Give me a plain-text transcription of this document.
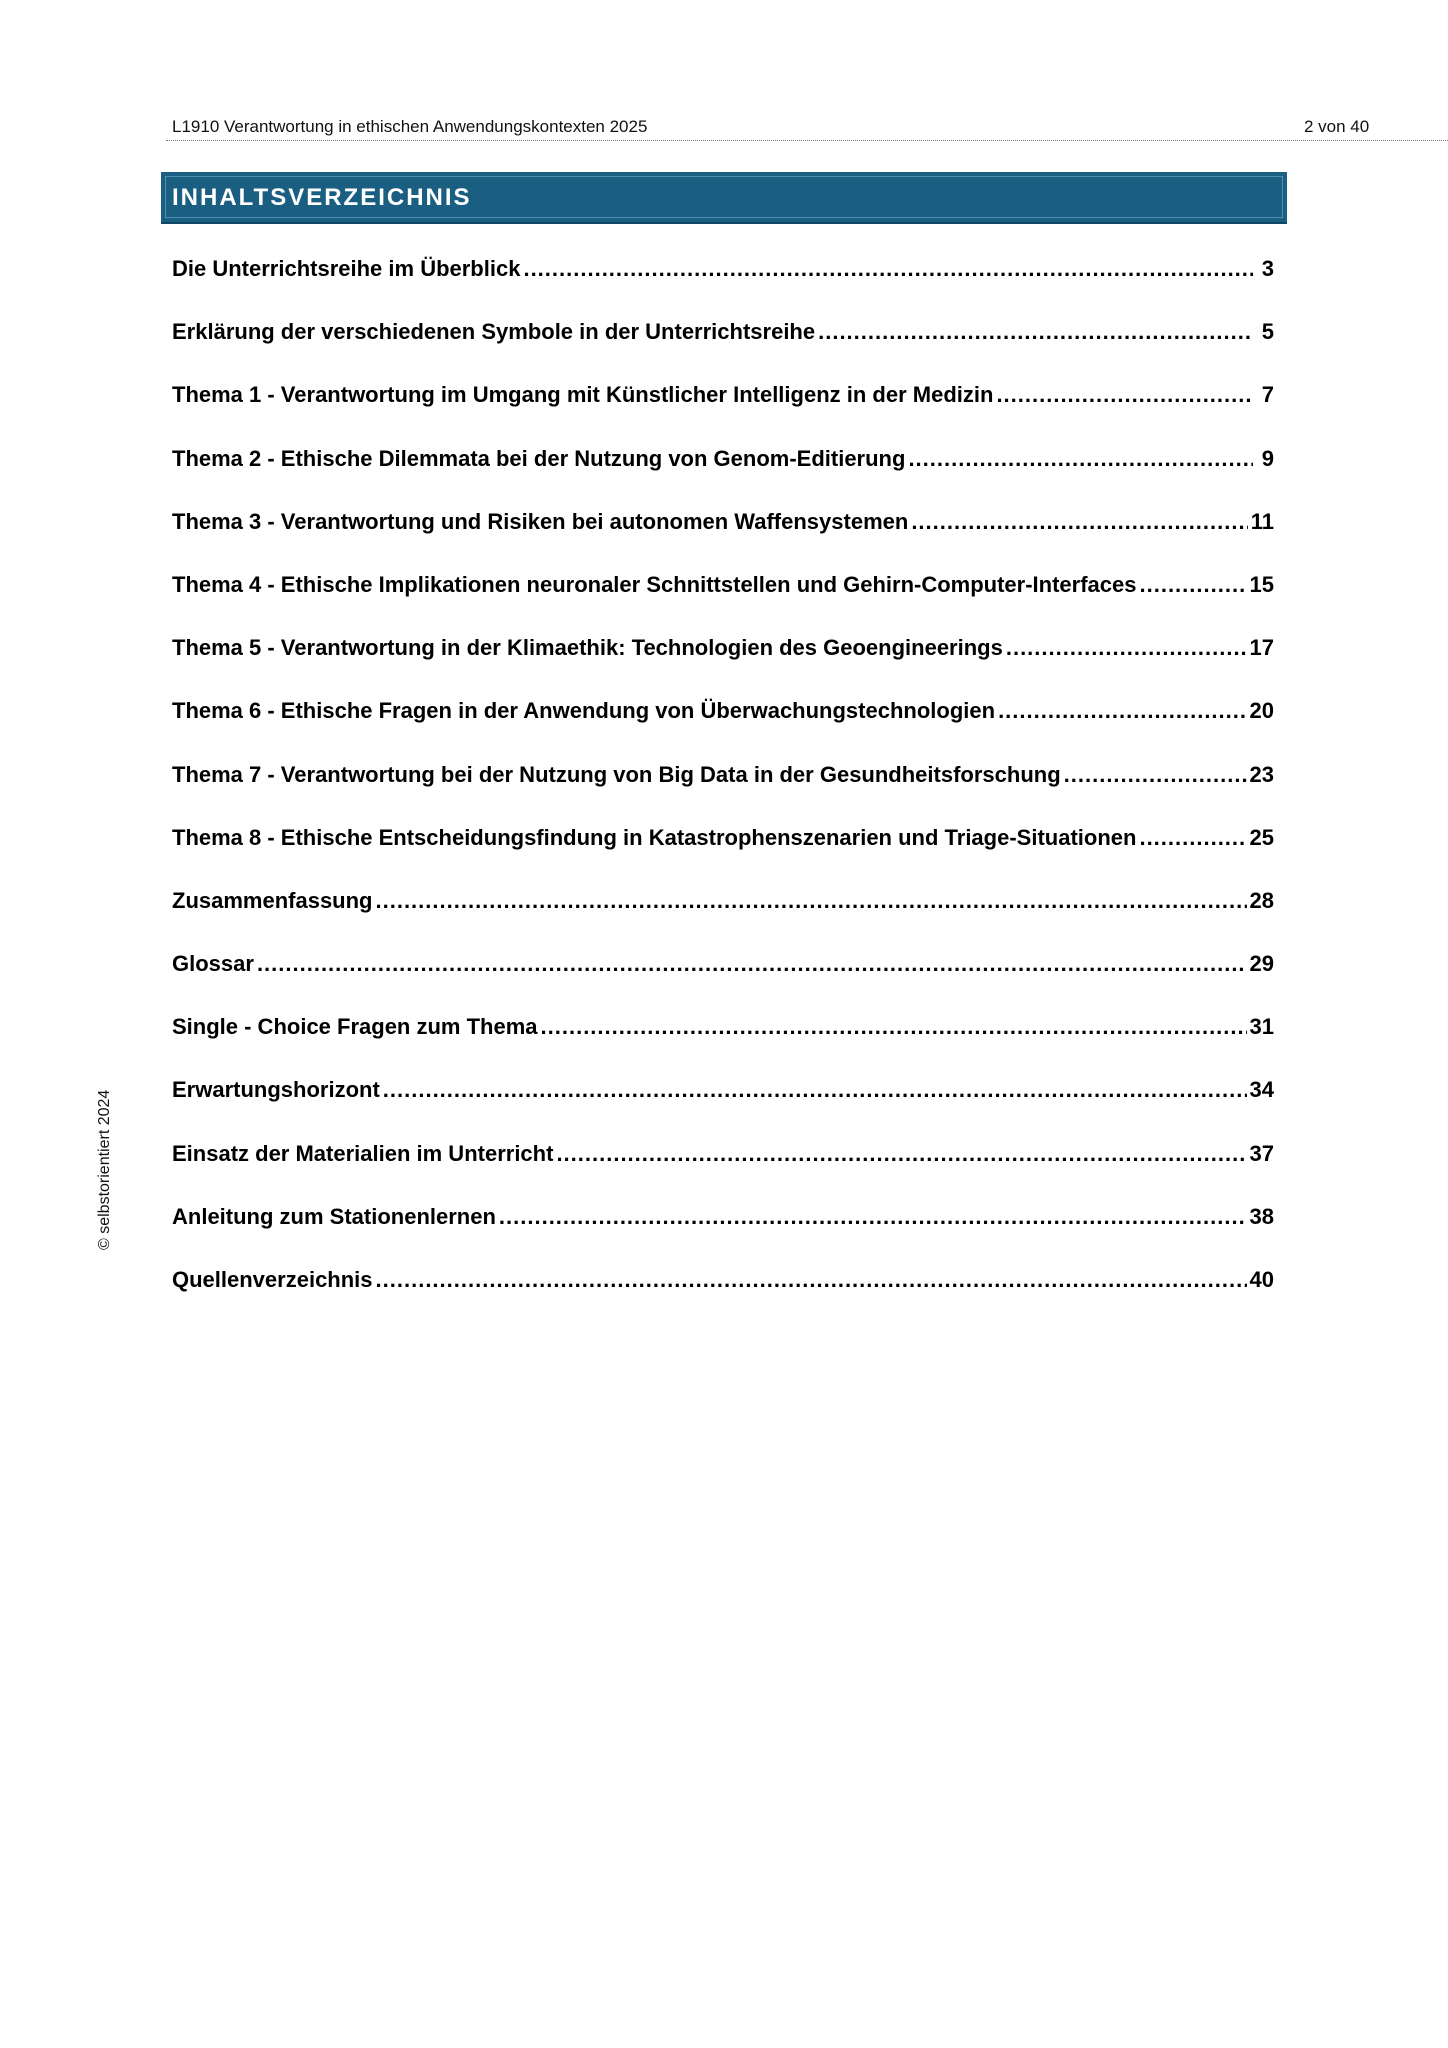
L1910 Verantwortung in ethischen Anwendungskontexten 2025	2 von 40
© selbstorientiert 2024
INHALTSVERZEICHNIS
Die Unterrichtsreihe im Überblick .....	3
Erklärung der verschiedenen Symbole in der Unterrichtsreihe .....	5
Thema 1 - Verantwortung im Umgang mit Künstlicher Intelligenz in der Medizin .....	7
Thema 2 - Ethische Dilemmata bei der Nutzung von Genom-Editierung .....	9
Thema 3 - Verantwortung und Risiken bei autonomen Waffensystemen .....	11
Thema 4 - Ethische Implikationen neuronaler Schnittstellen und Gehirn-Computer-Interfaces .....	15
Thema 5 - Verantwortung in der Klimaethik: Technologien des Geoengineerings .....	17
Thema 6 - Ethische Fragen in der Anwendung von Überwachungstechnologien .....	20
Thema 7 - Verantwortung bei der Nutzung von Big Data in der Gesundheitsforschung .....	23
Thema 8 - Ethische Entscheidungsfindung in Katastrophenszenarien und Triage-Situationen .....	25
Zusammenfassung .....	28
Glossar .....	29
Single - Choice Fragen zum Thema .....	31
Erwartungshorizont .....	34
Einsatz der Materialien im Unterricht .....	37
Anleitung zum Stationenlernen .....	38
Quellenverzeichnis .....	40
